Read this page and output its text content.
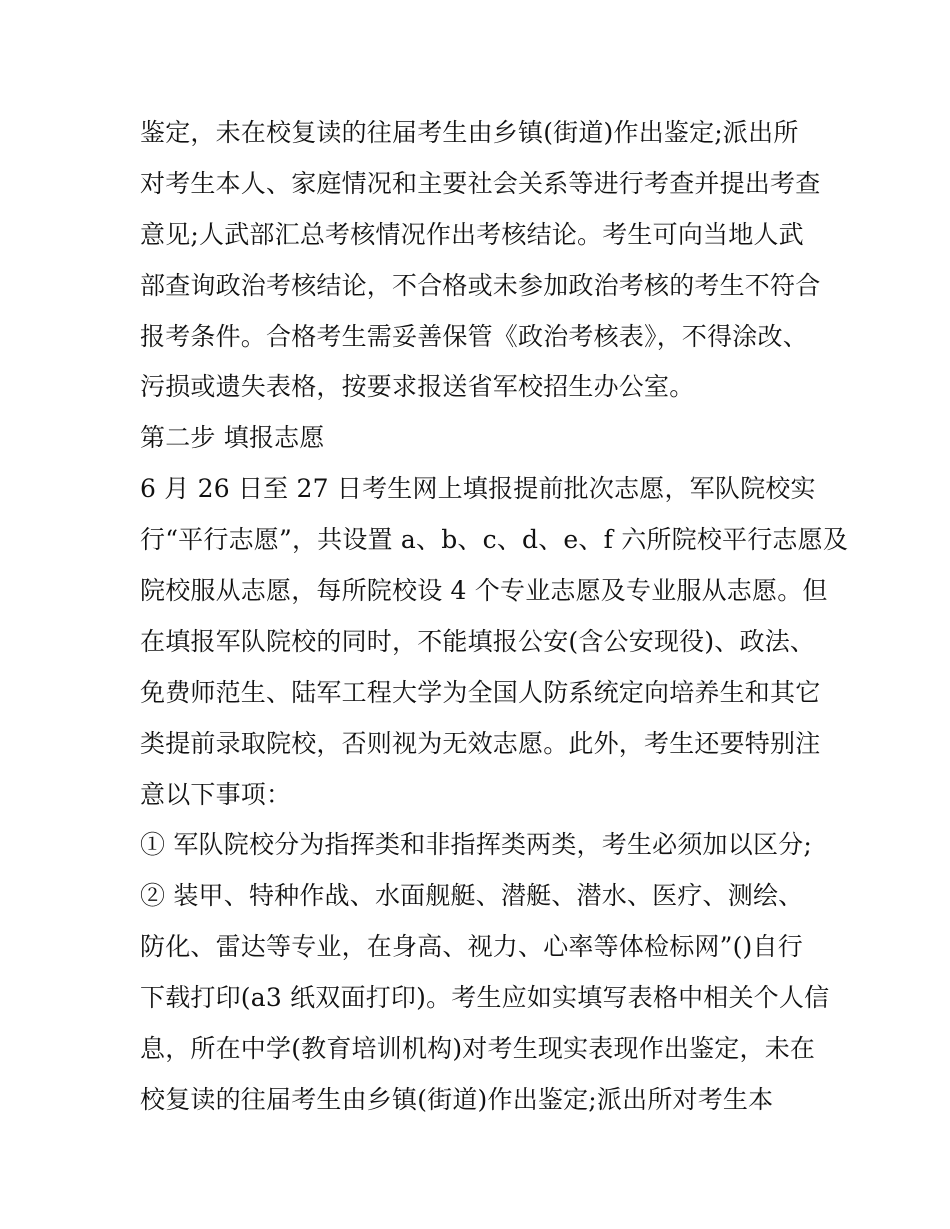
鉴定，未在校复读的往届考生由乡镇(街道)作出鉴定;派出所
对考生本人、家庭情况和主要社会关系等进行考查并提出考查
意见;人武部汇总考核情况作出考核结论。考生可向当地人武
部查询政治考核结论，不合格或未参加政治考核的考生不符合
报考条件。合格考生需妥善保管《政治考核表》，不得涂改、
污损或遗失表格，按要求报送省军校招生办公室。
第二步 填报志愿
6 月 26 日至 27 日考生网上填报提前批次志愿，军队院校实
行“平行志愿”，共设置 a、b、c、d、e、f 六所院校平行志愿及
院校服从志愿，每所院校设 4 个专业志愿及专业服从志愿。但
在填报军队院校的同时，不能填报公安(含公安现役)、政法、
免费师范生、陆军工程大学为全国人防系统定向培养生和其它
类提前录取院校，否则视为无效志愿。此外，考生还要特别注
意以下事项：
① 军队院校分为指挥类和非指挥类两类，考生必须加以区分;
② 装甲、特种作战、水面舰艇、潜艇、潜水、医疗、测绘、
防化、雷达等专业，在身高、视力、心率等体检标网”()自行
下载打印(a3 纸双面打印)。考生应如实填写表格中相关个人信
息，所在中学(教育培训机构)对考生现实表现作出鉴定，未在
校复读的往届考生由乡镇(街道)作出鉴定;派出所对考生本
